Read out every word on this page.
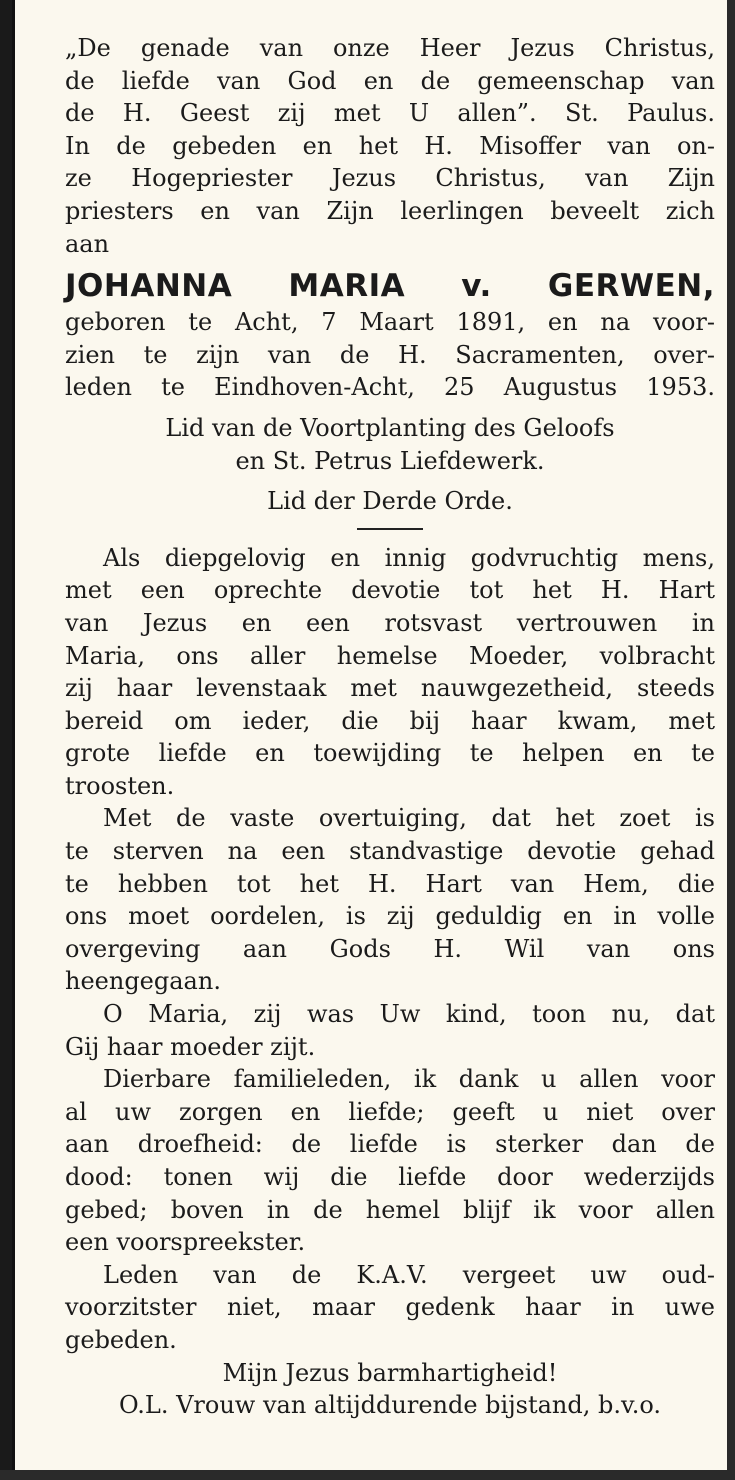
„De genade van onze Heer Jezus Christus,
de liefde van God en de gemeenschap van
de H. Geest zij met U allen”. St. Paulus.
In de gebeden en het H. Misoffer van on-
ze Hogepriester Jezus Christus, van Zijn
priesters en van Zijn leerlingen beveelt zich
aan
JOHANNA MARIA v. GERWEN,
geboren te Acht, 7 Maart 1891, en na voor-
zien te zijn van de H. Sacramenten, over-
leden te Eindhoven-Acht, 25 Augustus 1953.
Lid van de Voortplanting des Geloofs
en St. Petrus Liefdewerk.
Lid der Derde Orde.
Als diepgelovig en innig godvruchtig mens,
met een oprechte devotie tot het H. Hart
van Jezus en een rotsvast vertrouwen in
Maria, ons aller hemelse Moeder, volbracht
zij haar levenstaak met nauwgezetheid, steeds
bereid om ieder, die bij haar kwam, met
grote liefde en toewijding te helpen en te
troosten.
Met de vaste overtuiging, dat het zoet is
te sterven na een standvastige devotie gehad
te hebben tot het H. Hart van Hem, die
ons moet oordelen, is zij geduldig en in volle
overgeving aan Gods H. Wil van ons
heengegaan.
O Maria, zij was Uw kind, toon nu, dat
Gij haar moeder zijt.
Dierbare familieleden, ik dank u allen voor
al uw zorgen en liefde; geeft u niet over
aan droefheid: de liefde is sterker dan de
dood: tonen wij die liefde door wederzijds
gebed; boven in de hemel blijf ik voor allen
een voorspreekster.
Leden van de K.A.V. vergeet uw oud-
voorzitster niet, maar gedenk haar in uwe
gebeden.
Mijn Jezus barmhartigheid!
O.L. Vrouw van altijddurende bijstand, b.v.o.
